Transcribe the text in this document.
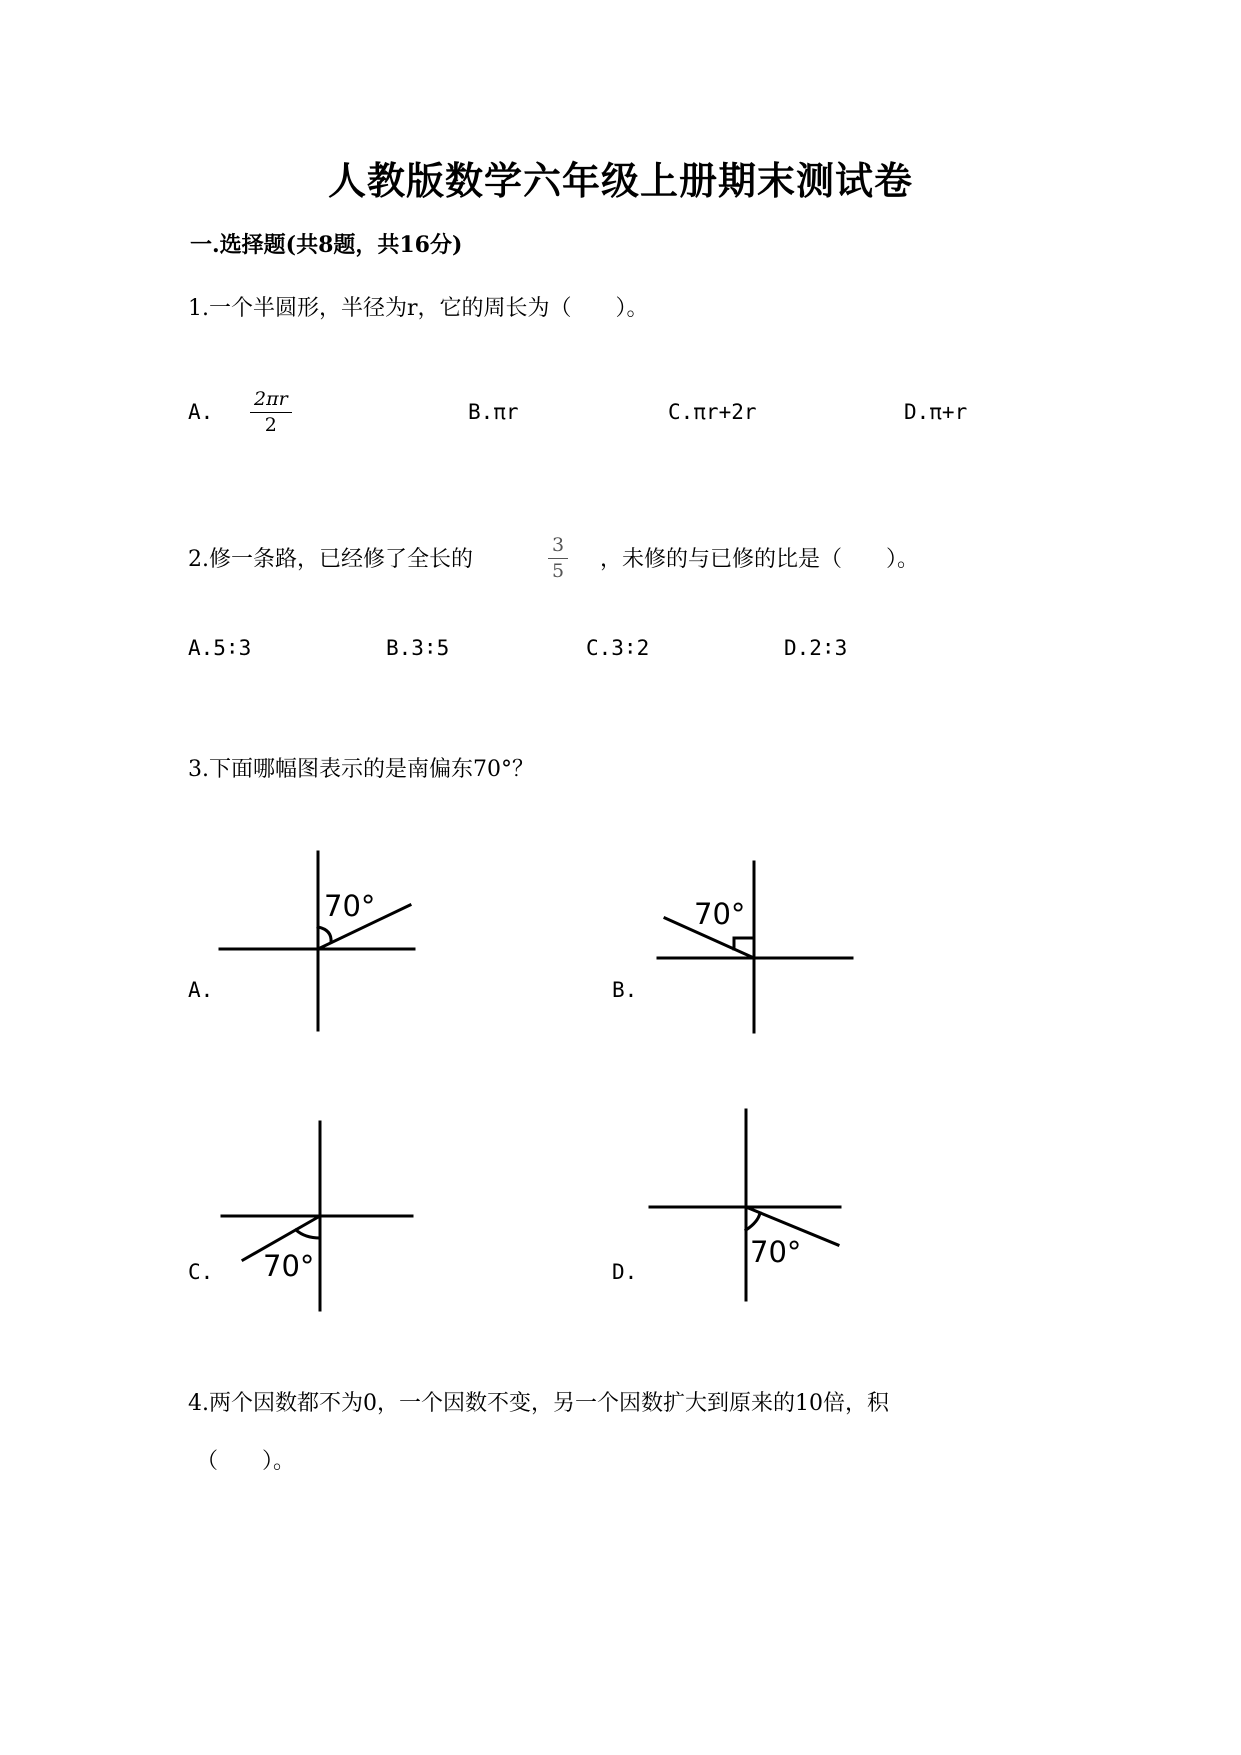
人教版数学六年级上册期末测试卷
一.选择题(共8题，共16分)
1.一个半圆形，半径为r，它的周长为（　　）。
A. $\frac{2\pi r}{2}$	B.πr	C.πr+2r	D.π+r
2.修一条路，已经修了全长的	$\frac{3}{5}$ ，未修的与已修的比是（　　）。
A.5∶3	B.3∶5	C.3∶2	D.2∶3
3.下面哪幅图表示的是南偏东70°？
A.
70°	70°
70°	70°
B.
C.	D.
4.两个因数都不为0，一个因数不变，另一个因数扩大到原来的10倍，积
（　　）。
